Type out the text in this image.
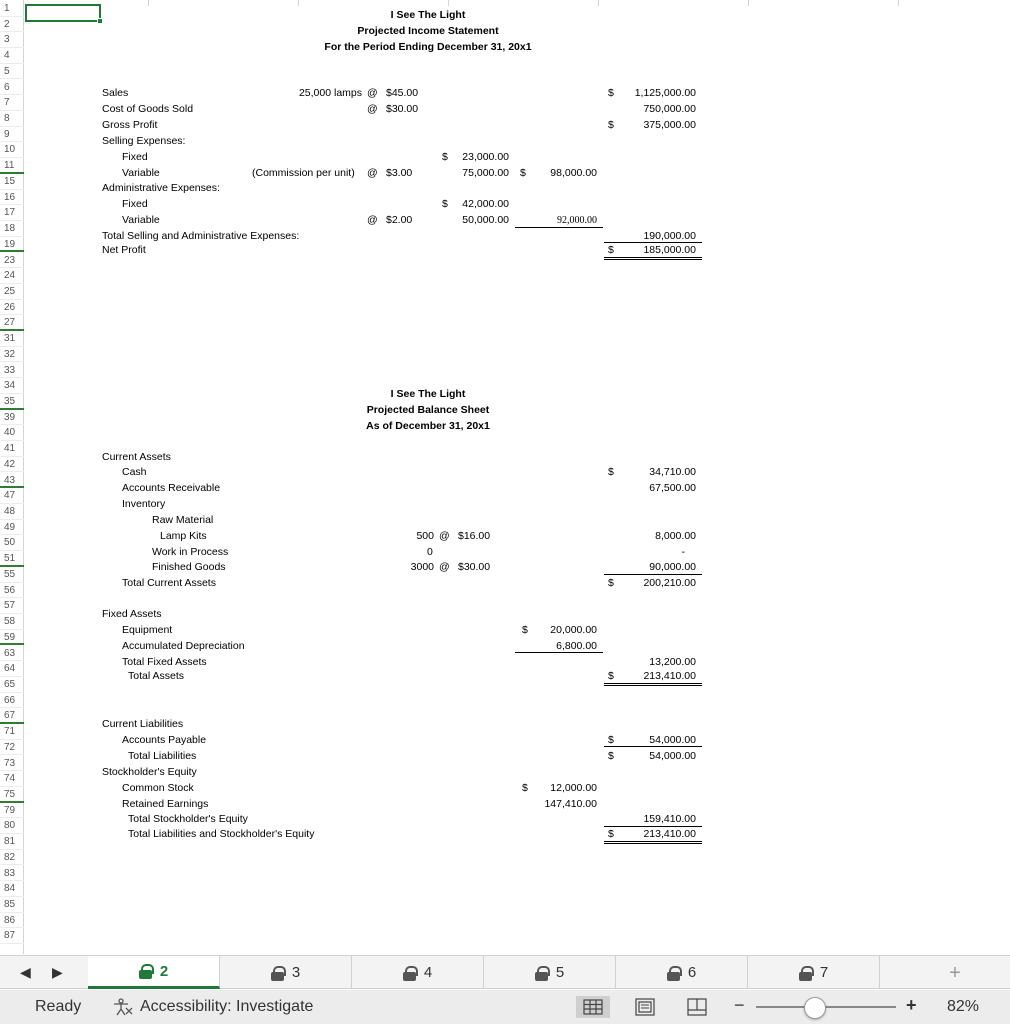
1
2
3
4
5
6
7
8
9
10
11
15
16
17
18
19
23
24
25
26
27
31
32
33
34
35
39
40
41
42
43
47
48
49
50
51
55
56
57
58
59
63
64
65
66
67
71
72
73
74
75
79
80
81
82
83
84
85
86
87
I See The Light
Projected Income Statement
For the Period Ending December 31, 20x1
Sales	25,000 lamps @ $45.00	$	1,125,000.00
Cost of Goods Sold	@ $30.00	750,000.00
Gross Profit	$	375,000.00
Selling Expenses:
Fixed	$	23,000.00
Variable	(Commission per unit) @ $3.00	75,000.00 $	98,000.00
Administrative Expenses:
Fixed	$	42,000.00
Variable	@ $2.00	50,000.00	92,000.00
Total Selling and Administrative Expenses:	190,000.00
Net Profit	$	185,000.00
I See The Light
Projected Balance Sheet
As of December 31, 20x1
Current Assets
Cash	$	34,710.00
Accounts Receivable	67,500.00
Inventory
Raw Material
Lamp Kits	500 @ $16.00	8,000.00
Work in Process	0	-
Finished Goods	3000 @ $30.00	90,000.00
Total Current Assets	$	200,210.00
Fixed Assets
Equipment	$	20,000.00
Accumulated Depreciation	6,800.00
Total Fixed Assets	13,200.00
Total Assets	$	213,410.00
Current Liabilities
Accounts Payable	$	54,000.00
Total Liabilities	$	54,000.00
Stockholder's Equity
Common Stock	$	12,000.00
Retained Earnings	147,410.00
Total Stockholder's Equity	159,410.00
Total Liabilities and Stockholder's Equity	$	213,410.00
◀ ▶	2	3	4	5	6	7	+
Ready	Accessibility: Investigate	−	+ 82%
